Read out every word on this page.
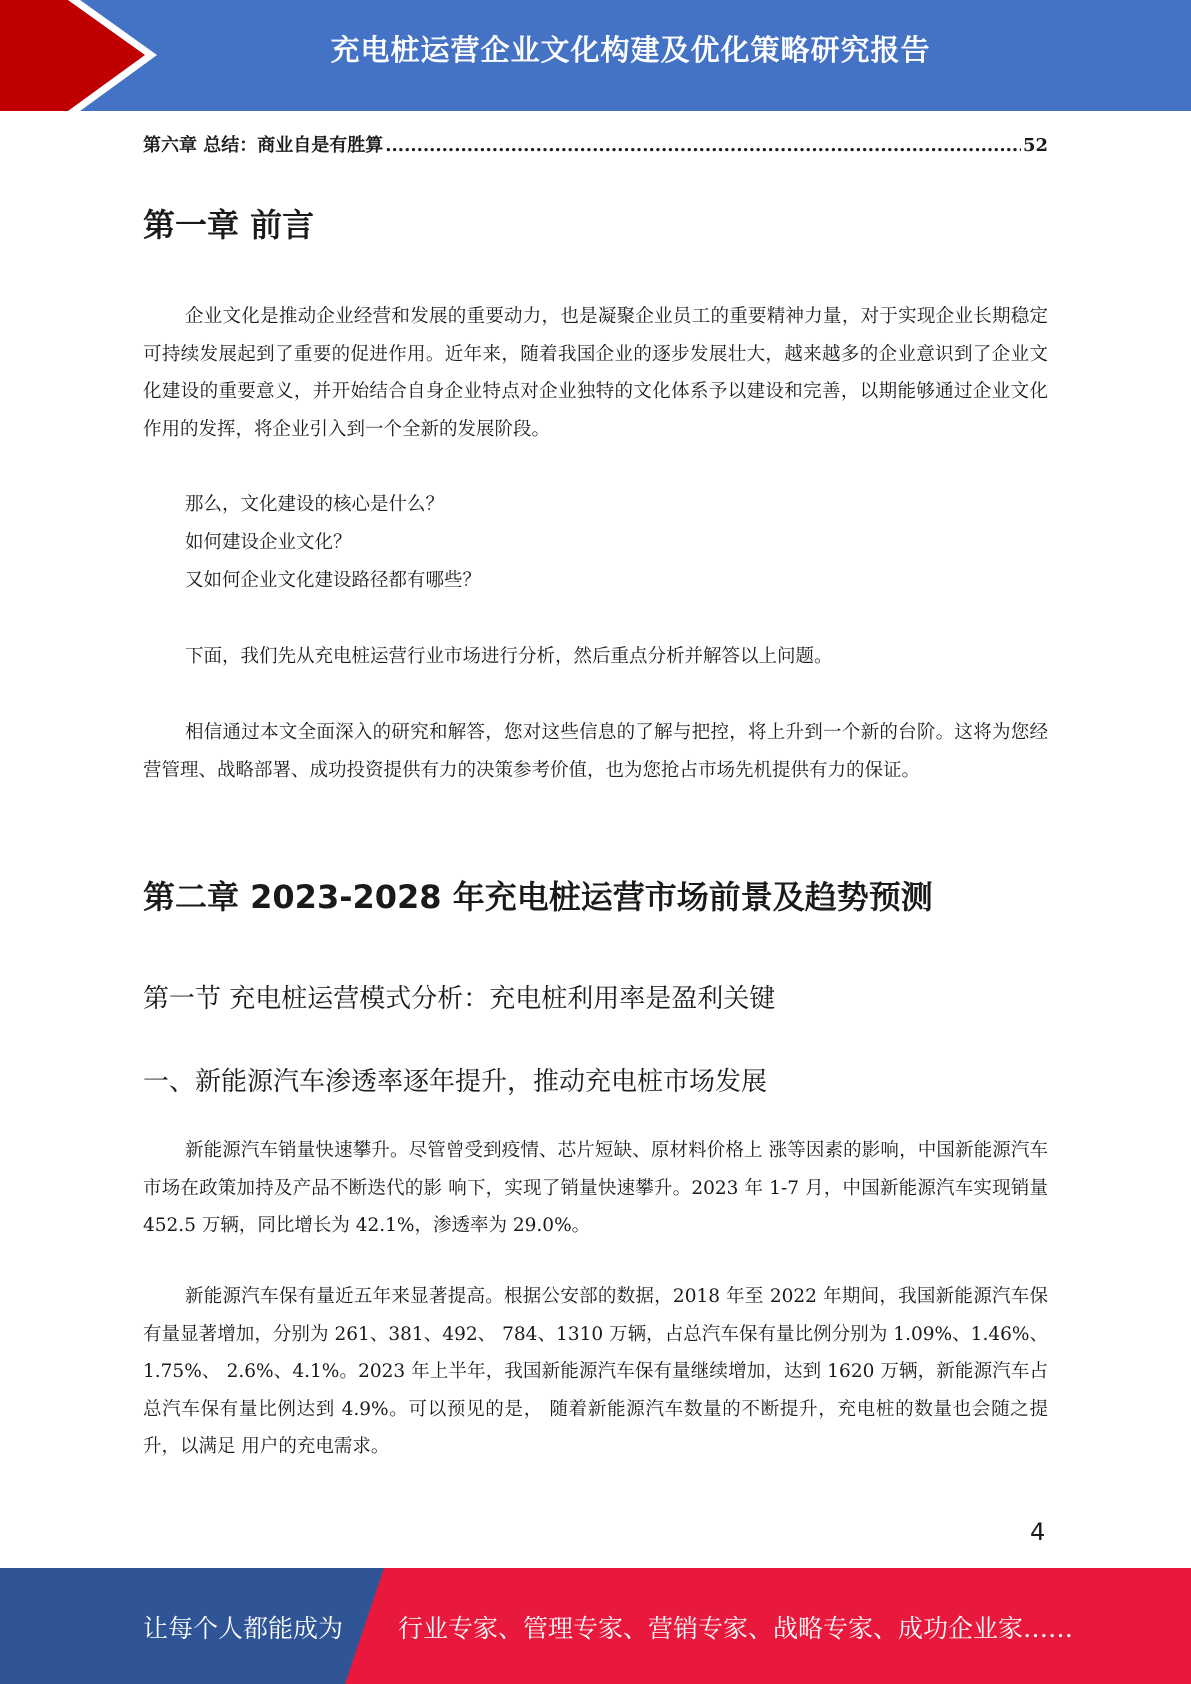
充电桩运营企业文化构建及优化策略研究报告
第六章 总结：商业自是有胜算
.....	52
第一章 前言

企业文化是推动企业经营和发展的重要动力，也是凝聚企业员工的重要精神力量，对于实现企业长期稳定可持续发展起到了重要的促进作用。近年来，随着我国企业的逐步发展壮大，越来越多的企业意识到了企业文化建设的重要意义，并开始结合自身企业特点对企业独特的文化体系予以建设和完善，以期能够通过企业文化作用的发挥，将企业引入到一个全新的发展阶段。

那么，文化建设的核心是什么？

如何建设企业文化？

又如何企业文化建设路径都有哪些？

下面，我们先从充电桩运营行业市场进行分析，然后重点分析并解答以上问题。

相信通过本文全面深入的研究和解答，您对这些信息的了解与把控，将上升到一个新的台阶。这将为您经营管理、战略部署、成功投资提供有力的决策参考价值，也为您抢占市场先机提供有力的保证。

第二章 2023-2028 年充电桩运营市场前景及趋势预测
第一节 充电桩运营模式分析：充电桩利用率是盈利关键
一、新能源汽车渗透率逐年提升，推动充电桩市场发展

新能源汽车销量快速攀升。尽管曾受到疫情、芯片短缺、原材料价格上 涨等因素的影响，中国新能源汽车市场在政策加持及产品不断迭代的影 响下，实现了销量快速攀升。2023 年 1-7 月，中国新能源汽车实现销量 452.5 万辆，同比增长为 42.1%，渗透率为 29.0%。

新能源汽车保有量近五年来显著提高。根据公安部的数据，2018 年至 2022 年期间，我国新能源汽车保有量显著增加，分别为 261、381、492、 784、1310 万辆，占总汽车保有量比例分别为 1.09%、1.46%、1.75%、 2.6%、4.1%。2023 年上半年，我国新能源汽车保有量继续增加，达到 1620 万辆，新能源汽车占总汽车保有量比例达到 4.9%。可以预见的是， 随着新能源汽车数量的不断提升，充电桩的数量也会随之提升，以满足 用户的充电需求。

4
让每个人都能成为 行业专家、管理专家、营销专家、战略专家、成功企业家……
